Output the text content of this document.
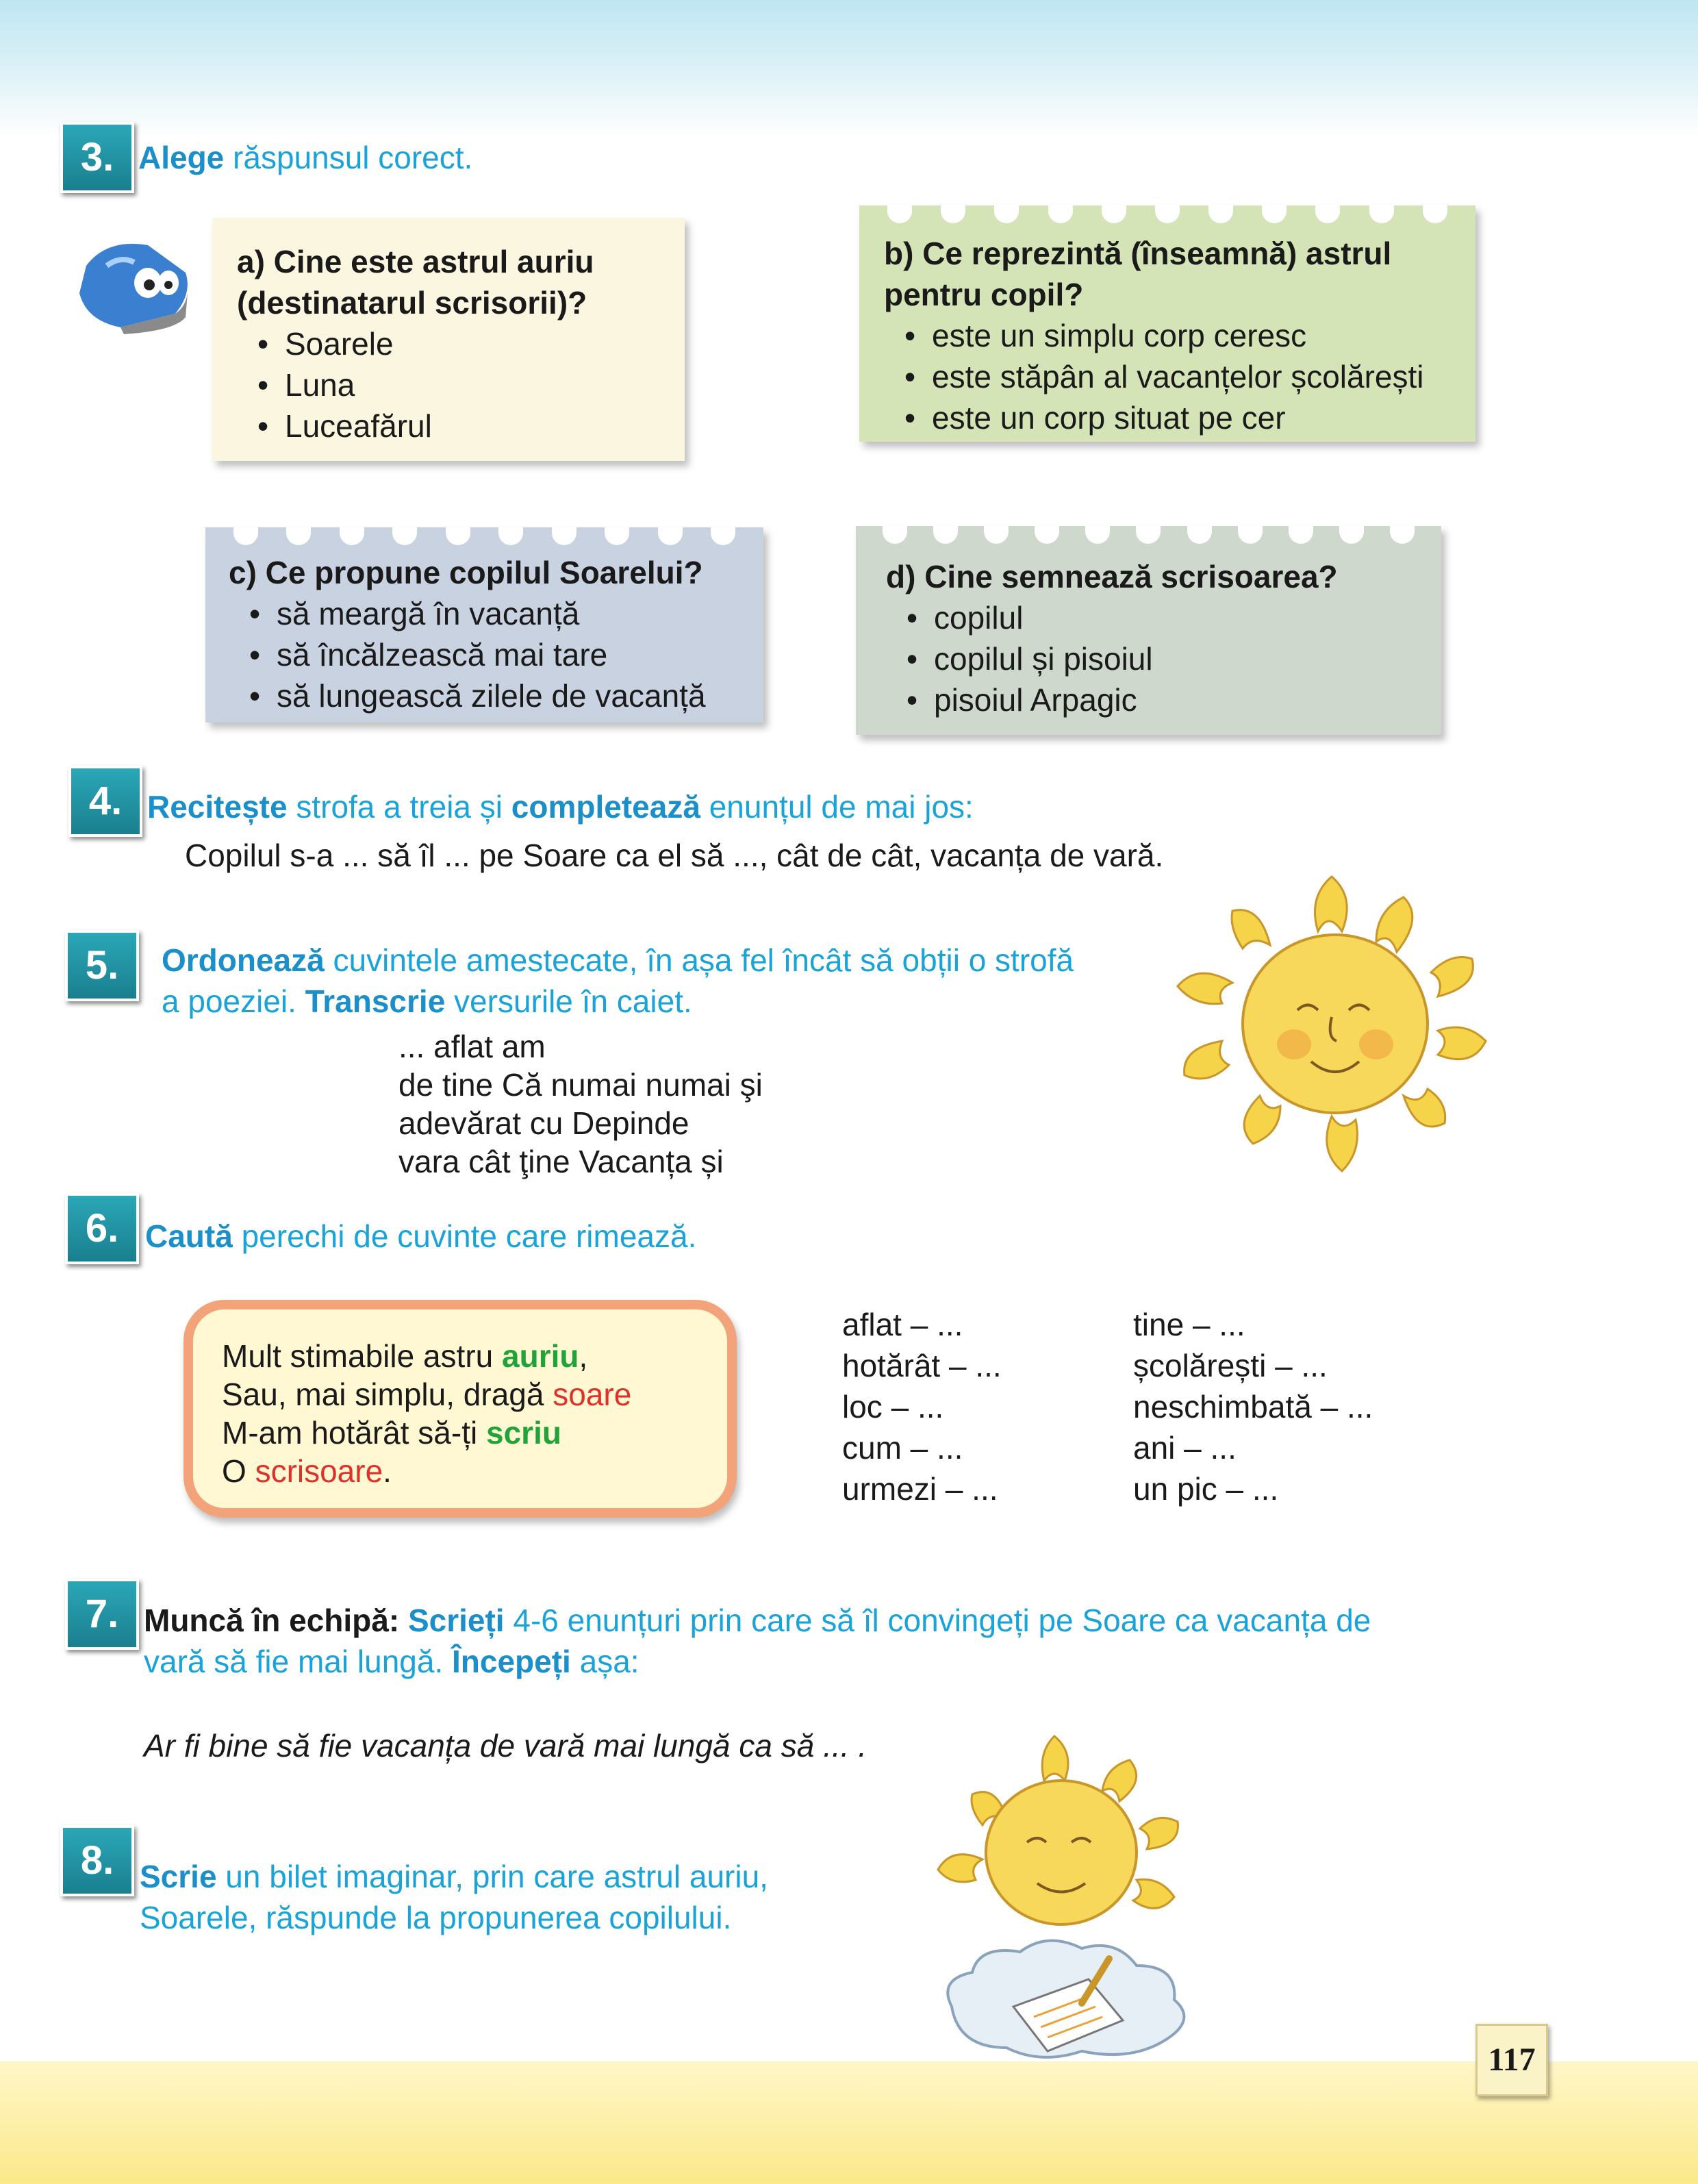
3. Alege răspunsul corect.
a) Cine este astrul auriu (destinatarul scrisorii)?
• Soarele
• Luna
• Luceafărul
b) Ce reprezintă (înseamnă) astrul pentru copil?
• este un simplu corp ceresc
• este stăpân al vacanțelor școlărești
• este un corp situat pe cer
c) Ce propune copilul Soarelui?
• să meargă în vacanță
• să încălzească mai tare
• să lungească zilele de vacanță
d) Cine semnează scrisoarea?
• copilul
• copilul și pisoiul
• pisoiul Arpagic
4. Recitește strofa a treia și completează enunțul de mai jos:
Copilul s-a ... să îl ... pe Soare ca el să ..., cât de cât, vacanța de vară.
5.	Ordonează cuvintele amestecate, în așa fel încât să obții o strofă
a poeziei. Transcrie versurile în caiet.
... aflat am
de tine Că numai numai şi
adevărat cu Depinde
vara cât ţine Vacanța și
6. Caută perechi de cuvinte care rimează.
Mult stimabile astru auriu,
Sau, mai simplu, dragă soare
M-am hotărât să-ți scriu
O scrisoare.
aflat – ...
hotărât – ...
loc – ...
cum – ...
urmezi – ...
tine – ...
școlărești – ...
neschimbată – ...
ani – ...
un pic – ...
7. Muncă în echipă: Scrieți 4-6 enunțuri prin care să îl convingeți pe Soare ca vacanța de
vară să fie mai lungă. Începeți așa:
Ar fi bine să fie vacanța de vară mai lungă ca să ... .
8. Scrie un bilet imaginar, prin care astrul auriu,
Soarele, răspunde la propunerea copilului.
117
